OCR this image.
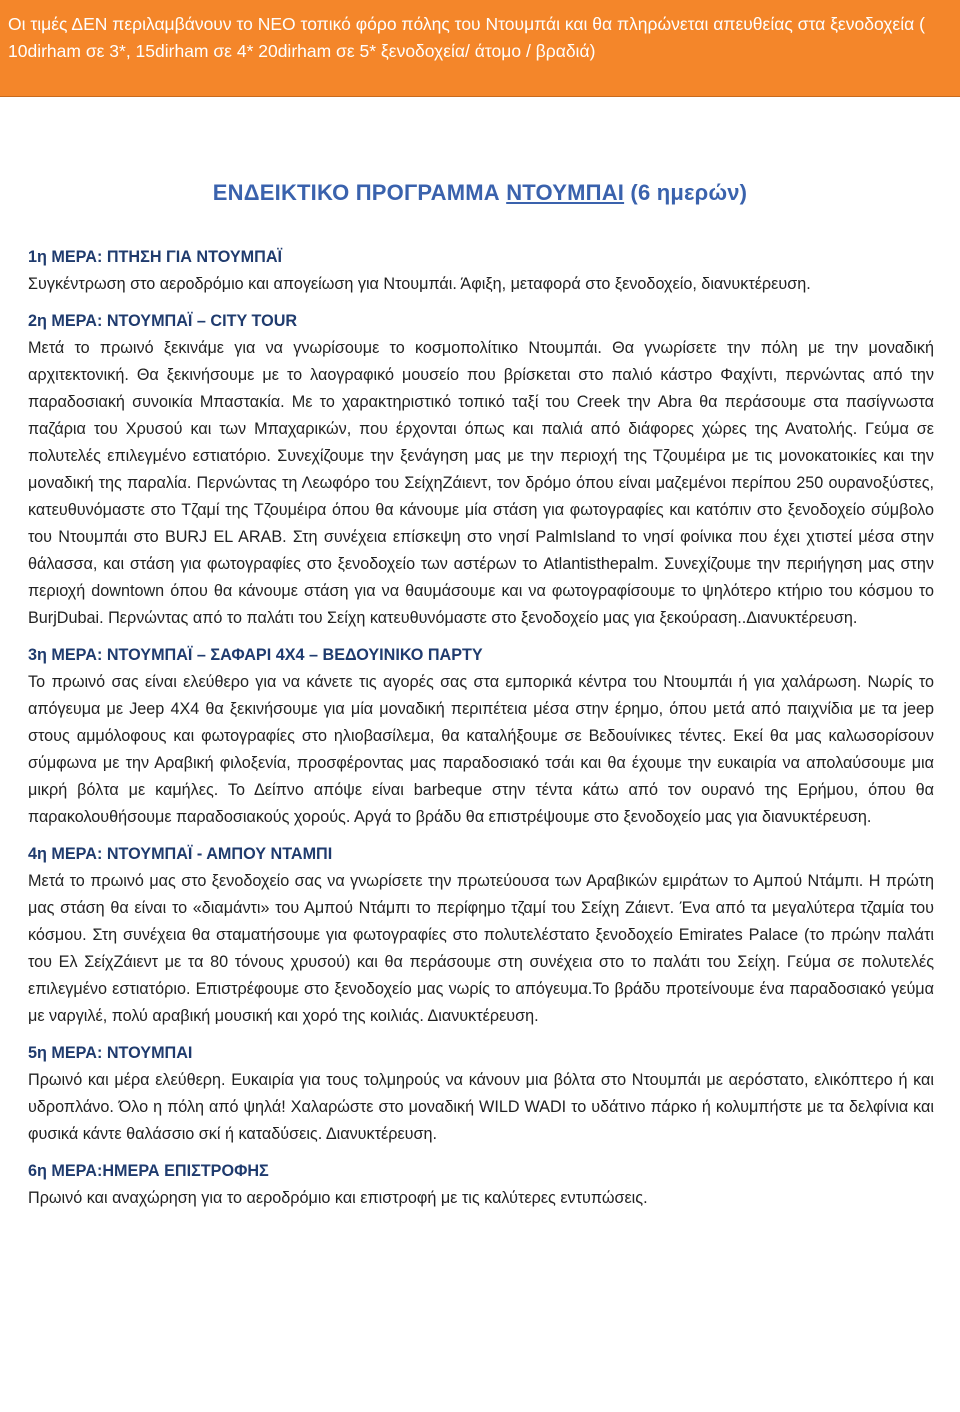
Οι τιμές ΔΕΝ περιλαμβάνουν το ΝΕΟ τοπικό φόρο πόλης του Ντουμπάι και θα πληρώνεται απευθείας στα ξενοδοχεία ( 10dirham σε 3*, 15dirham σε 4* 20dirham σε 5* ξενοδοχεία/ άτομο / βραδιά)
ΕΝΔΕΙΚΤΙΚΟ ΠΡΟΓΡΑΜΜΑ ΝΤΟΥΜΠΑΙ (6 ημερών)
1η ΜΕΡΑ: ΠΤΗΣΗ ΓΙΑ ΝΤΟΥΜΠΑΪ

Συγκέντρωση στο αεροδρόμιο και απογείωση για Ντουμπάι. Άφιξη, μεταφορά στο ξενοδοχείο, διανυκτέρευση.

2η ΜΕΡΑ: ΝΤΟΥΜΠΑΪ – CITY TOUR

Μετά το πρωινό ξεκινάμε για να γνωρίσουμε το κοσμοπολίτικο Ντουμπάι. Θα γνωρίσετε την πόλη με την μοναδική αρχιτεκτονική. Θα ξεκινήσουμε με το λαογραφικό μουσείο που βρίσκεται στο παλιό κάστρο Φαχίντι, περνώντας από την παραδοσιακή συνοικία Μπαστακία. Με το χαρακτηριστικό τοπικό ταξί του Creek την Abra θα περάσουμε στα πασίγνωστα παζάρια του Χρυσού και των Μπαχαρικών, που έρχονται όπως και παλιά από διάφορες χώρες της Ανατολής. Γεύμα σε πολυτελές επιλεγμένο εστιατόριο. Συνεχίζουμε την ξενάγηση μας με την περιοχή της Τζουμέιρα με τις μονοκατοικίες και την μοναδική της παραλία. Περνώντας τη Λεωφόρο του ΣείχηΖάιεντ, τον δρόμο όπου είναι μαζεμένοι περίπου 250 ουρανοξύστες, κατευθυνόμαστε στο Τζαμί της Τζουμέιρα όπου θα κάνουμε μία στάση για φωτογραφίες και κατόπιν στο ξενοδοχείο σύμβολο του Ντουμπάι στο BURJ EL ARAB. Στη συνέχεια επίσκεψη στο νησί PalmIsland το νησί φοίνικα που έχει χτιστεί μέσα στην θάλασσα, και στάση για φωτογραφίες στο ξενοδοχείο των αστέρων το Atlantisthepalm. Συνεχίζουμε την περιήγηση μας στην περιοχή downtown όπου θα κάνουμε στάση για να θαυμάσουμε και να φωτογραφίσουμε το ψηλότερο κτήριο του κόσμου το BurjDubai. Περνώντας από το παλάτι του Σείχη κατευθυνόμαστε στο ξενοδοχείο μας για ξεκούραση..Διανυκτέρευση.

3η ΜΕΡΑ: ΝΤΟΥΜΠΑΪ – ΣΑΦΑΡΙ 4Χ4 – ΒΕΔΟΥΙΝΙΚΟ ΠΑΡΤΥ

Το πρωινό σας είναι ελεύθερο για να κάνετε τις αγορές σας στα εμπορικά κέντρα του Ντουμπάι ή για χαλάρωση. Νωρίς το απόγευμα με Jeep 4X4 θα ξεκινήσουμε για μία μοναδική περιπέτεια μέσα στην έρημο, όπου μετά από παιχνίδια με τα jeep στους αμμόλοφους και φωτογραφίες στο ηλιοβασίλεμα, θα καταλήξουμε σε Βεδουίνικες τέντες. Εκεί θα μας καλωσορίσουν σύμφωνα με την Αραβική φιλοξενία, προσφέροντας μας παραδοσιακό τσάι και θα έχουμε την ευκαιρία να απολαύσουμε μια μικρή βόλτα με καμήλες. Το Δείπνο απόψε είναι barbeque στην τέντα κάτω από τον ουρανό της Ερήμου, όπου θα παρακολουθήσουμε παραδοσιακούς χορούς. Αργά το βράδυ θα επιστρέψουμε στο ξενοδοχείο μας για διανυκτέρευση.

4η ΜΕΡΑ: ΝΤΟΥΜΠΑΪ - ΑΜΠΟΥ ΝΤΑΜΠΙ

Μετά το πρωινό μας στο ξενοδοχείο σας να γνωρίσετε την πρωτεύουσα των Αραβικών εμιράτων το Αμπού Ντάμπι. Η πρώτη μας στάση θα είναι το «διαμάντι» του Αμπού Ντάμπι το περίφημο τζαμί του Σείχη Ζάιεντ. Ένα από τα μεγαλύτερα τζαμία του κόσμου. Στη συνέχεια θα σταματήσουμε για φωτογραφίες στο πολυτελέστατο ξενοδοχείο Emirates Palace (το πρώην παλάτι του Ελ ΣείχΖάιεντ με τα 80 τόνους χρυσού) και θα περάσουμε στη συνέχεια στο το παλάτι του Σείχη. Γεύμα σε πολυτελές επιλεγμένο εστιατόριο. Επιστρέφουμε στο ξενοδοχείο μας νωρίς το απόγευμα.Το βράδυ προτείνουμε ένα παραδοσιακό γεύμα με ναργιλέ, πολύ αραβική μουσική και χορό της κοιλιάς. Διανυκτέρευση.

5η ΜΕΡΑ: ΝΤΟΥΜΠΑΙ

Πρωινό και μέρα ελεύθερη. Ευκαιρία για τους τολμηρούς να κάνουν μια βόλτα στο Ντουμπάι με αερόστατο, ελικόπτερο ή και υδροπλάνο. Όλο η πόλη από ψηλά! Χαλαρώστε στο μοναδική WILD WADI το υδάτινο πάρκο ή κολυμπήστε με τα δελφίνια και φυσικά κάντε θαλάσσιο σκί ή καταδύσεις. Διανυκτέρευση.

6η ΜΕΡΑ:ΗΜΕΡΑ ΕΠΙΣΤΡΟΦΗΣ

Πρωινό και αναχώρηση για το αεροδρόμιο και επιστροφή με τις καλύτερες εντυπώσεις.
